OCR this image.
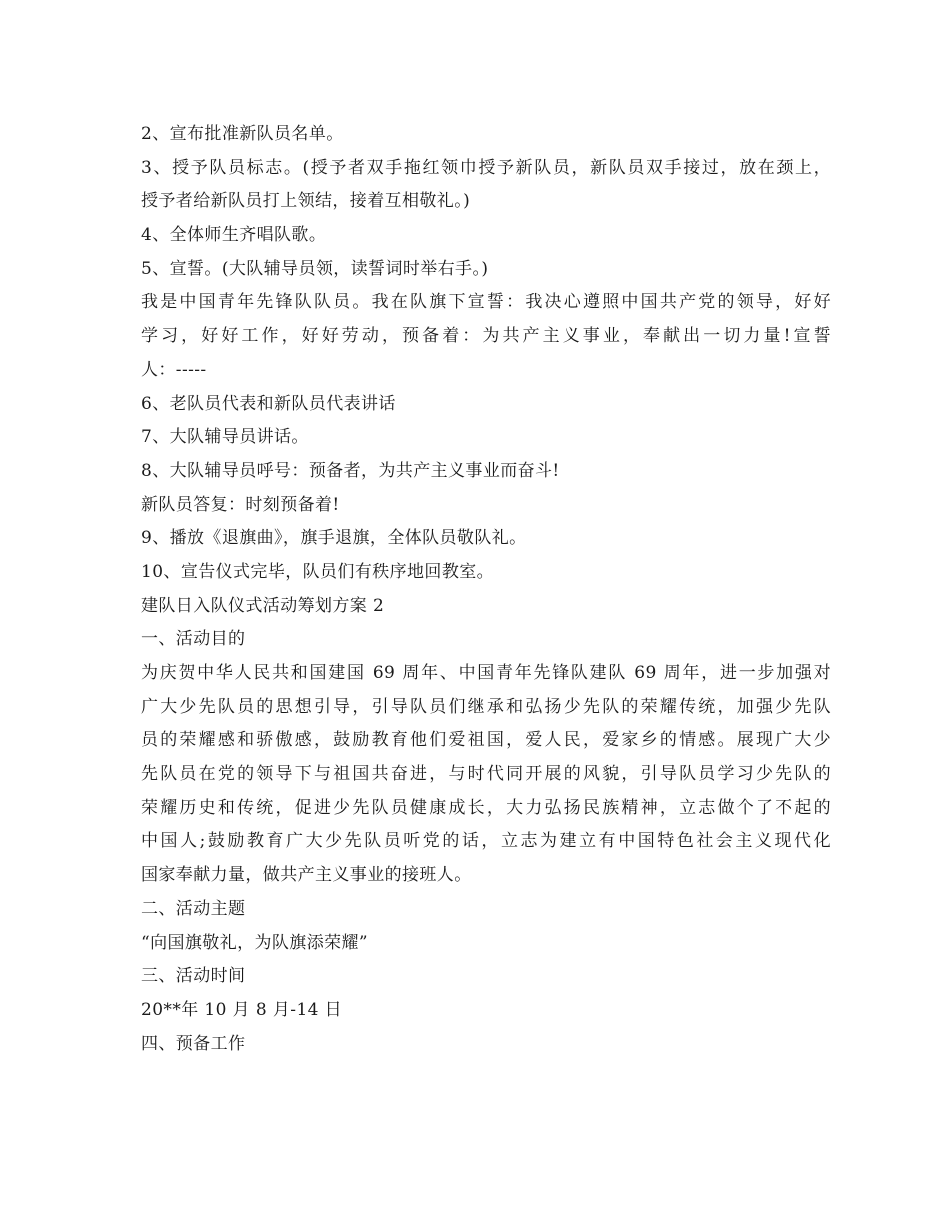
2、宣布批准新队员名单。

3、授予队员标志。(授予者双手拖红领巾授予新队员，新队员双手接过，放在颈上，

授予者给新队员打上领结，接着互相敬礼。)

4、全体师生齐唱队歌。

5、宣誓。(大队辅导员领，读誓词时举右手。)

我是中国青年先锋队队员。我在队旗下宣誓：我决心遵照中国共产党的领导，好好

学习，好好工作，好好劳动，预备着：为共产主义事业，奉献出一切力量!宣誓

人：-----

6、老队员代表和新队员代表讲话

7、大队辅导员讲话。

8、大队辅导员呼号：预备者，为共产主义事业而奋斗!

新队员答复：时刻预备着!

9、播放《退旗曲》，旗手退旗，全体队员敬队礼。

10、宣告仪式完毕，队员们有秩序地回教室。

建队日入队仪式活动筹划方案 2

一、活动目的

为庆贺中华人民共和国建国 69 周年、中国青年先锋队建队 69 周年，进一步加强对

广大少先队员的思想引导，引导队员们继承和弘扬少先队的荣耀传统，加强少先队

员的荣耀感和骄傲感，鼓励教育他们爱祖国，爱人民，爱家乡的情感。展现广大少

先队员在党的领导下与祖国共奋进，与时代同开展的风貌，引导队员学习少先队的

荣耀历史和传统，促进少先队员健康成长，大力弘扬民族精神，立志做个了不起的

中国人;鼓励教育广大少先队员听党的话，立志为建立有中国特色社会主义现代化

国家奉献力量，做共产主义事业的接班人。

二、活动主题

“向国旗敬礼，为队旗添荣耀”

三、活动时间

20**年 10 月 8 月-14 日

四、预备工作
